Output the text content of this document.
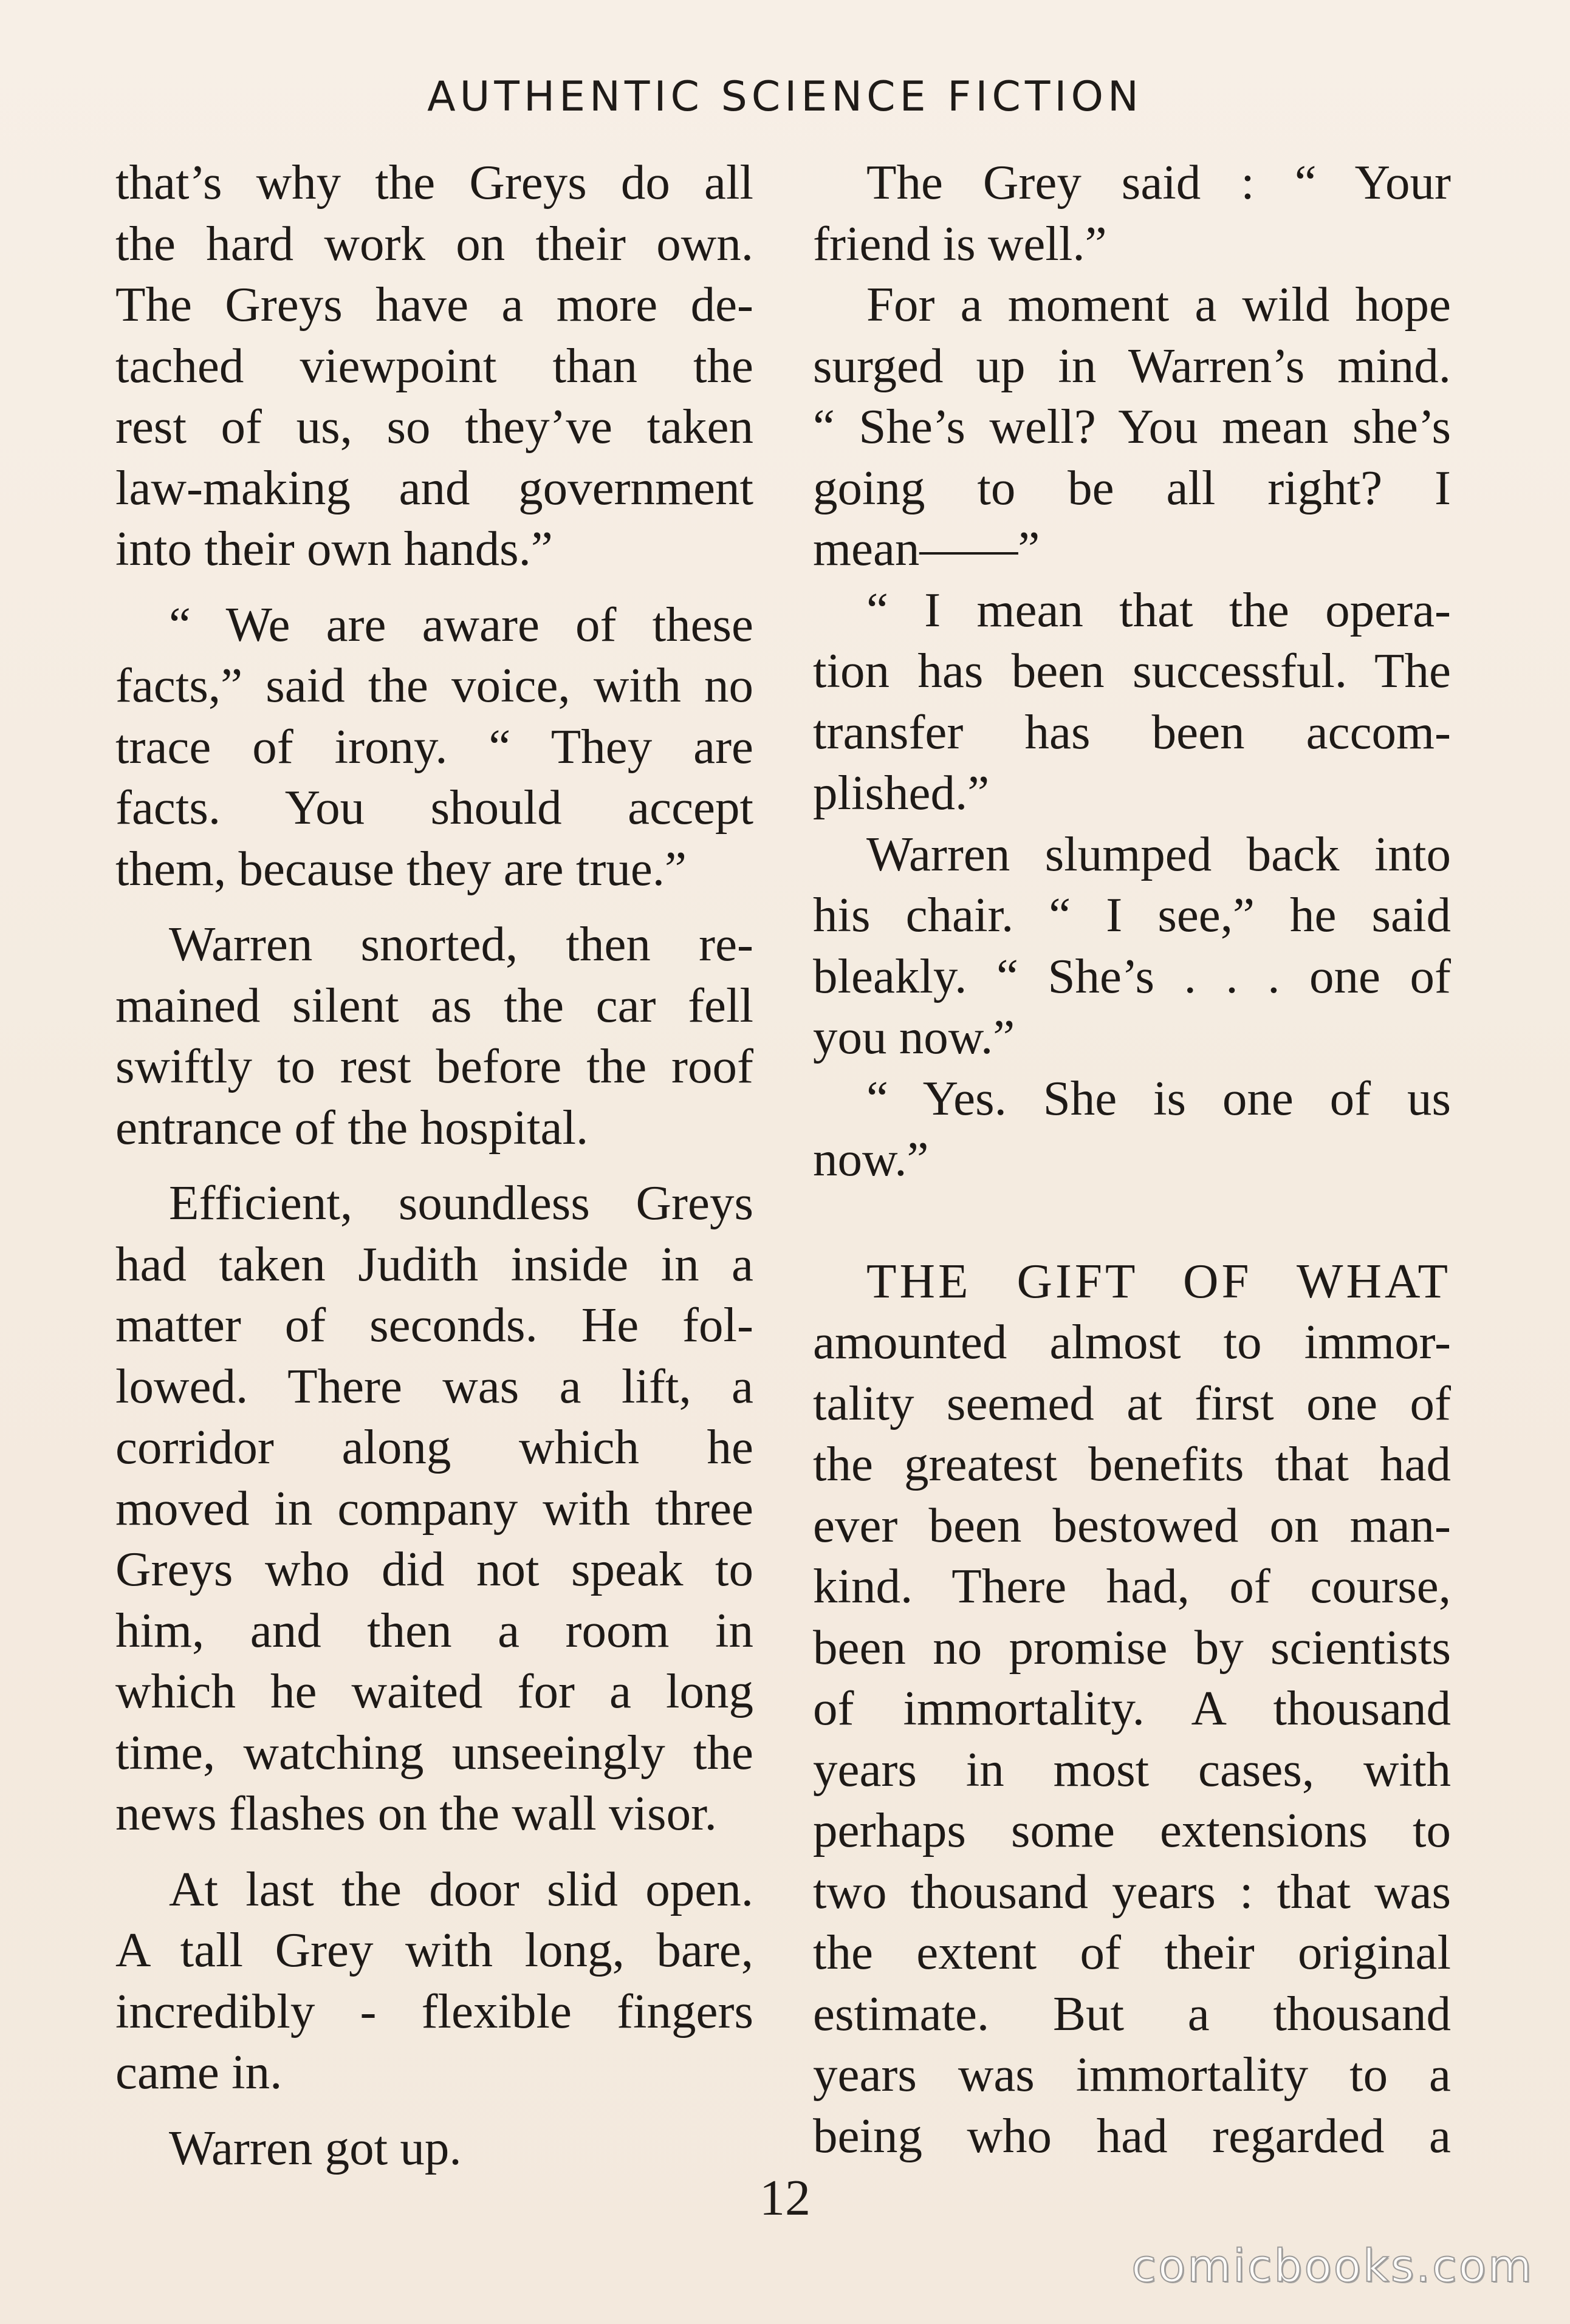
AUTHENTIC SCIENCE FICTION
that’s why the Greys do all
the hard work on their own.
The Greys have a more de-
tached viewpoint than the
rest of us, so they’ve taken
law-making and government
into their own hands.”
“ We are aware of these
facts,” said the voice, with no
trace of irony. “ They are
facts. You should accept
them, because they are true.”
Warren snorted, then re-
mained silent as the car fell
swiftly to rest before the roof
entrance of the hospital.
Efficient, soundless Greys
had taken Judith inside in a
matter of seconds. He fol-
lowed. There was a lift, a
corridor along which he
moved in company with three
Greys who did not speak to
him, and then a room in
which he waited for a long
time, watching unseeingly the
news flashes on the wall visor.
At last the door slid open.
A tall Grey with long, bare,
incredibly - flexible fingers
came in.
Warren got up.
The Grey said : “ Your
friend is well.”
For a moment a wild hope
surged up in Warren’s mind.
“ She’s well? You mean she’s
going to be all right? I
mean——”
“ I mean that the opera-
tion has been successful. The
transfer has been accom-
plished.”
Warren slumped back into
his chair. “ I see,” he said
bleakly. “ She’s . . . one of
you now.”
“ Yes. She is one of us
now.”
THE GIFT OF WHAT
amounted almost to immor-
tality seemed at first one of
the greatest benefits that had
ever been bestowed on man-
kind. There had, of course,
been no promise by scientists
of immortality. A thousand
years in most cases, with
perhaps some extensions to
two thousand years : that was
the extent of their original
estimate. But a thousand
years was immortality to a
being who had regarded a
12
comicbooks.com
